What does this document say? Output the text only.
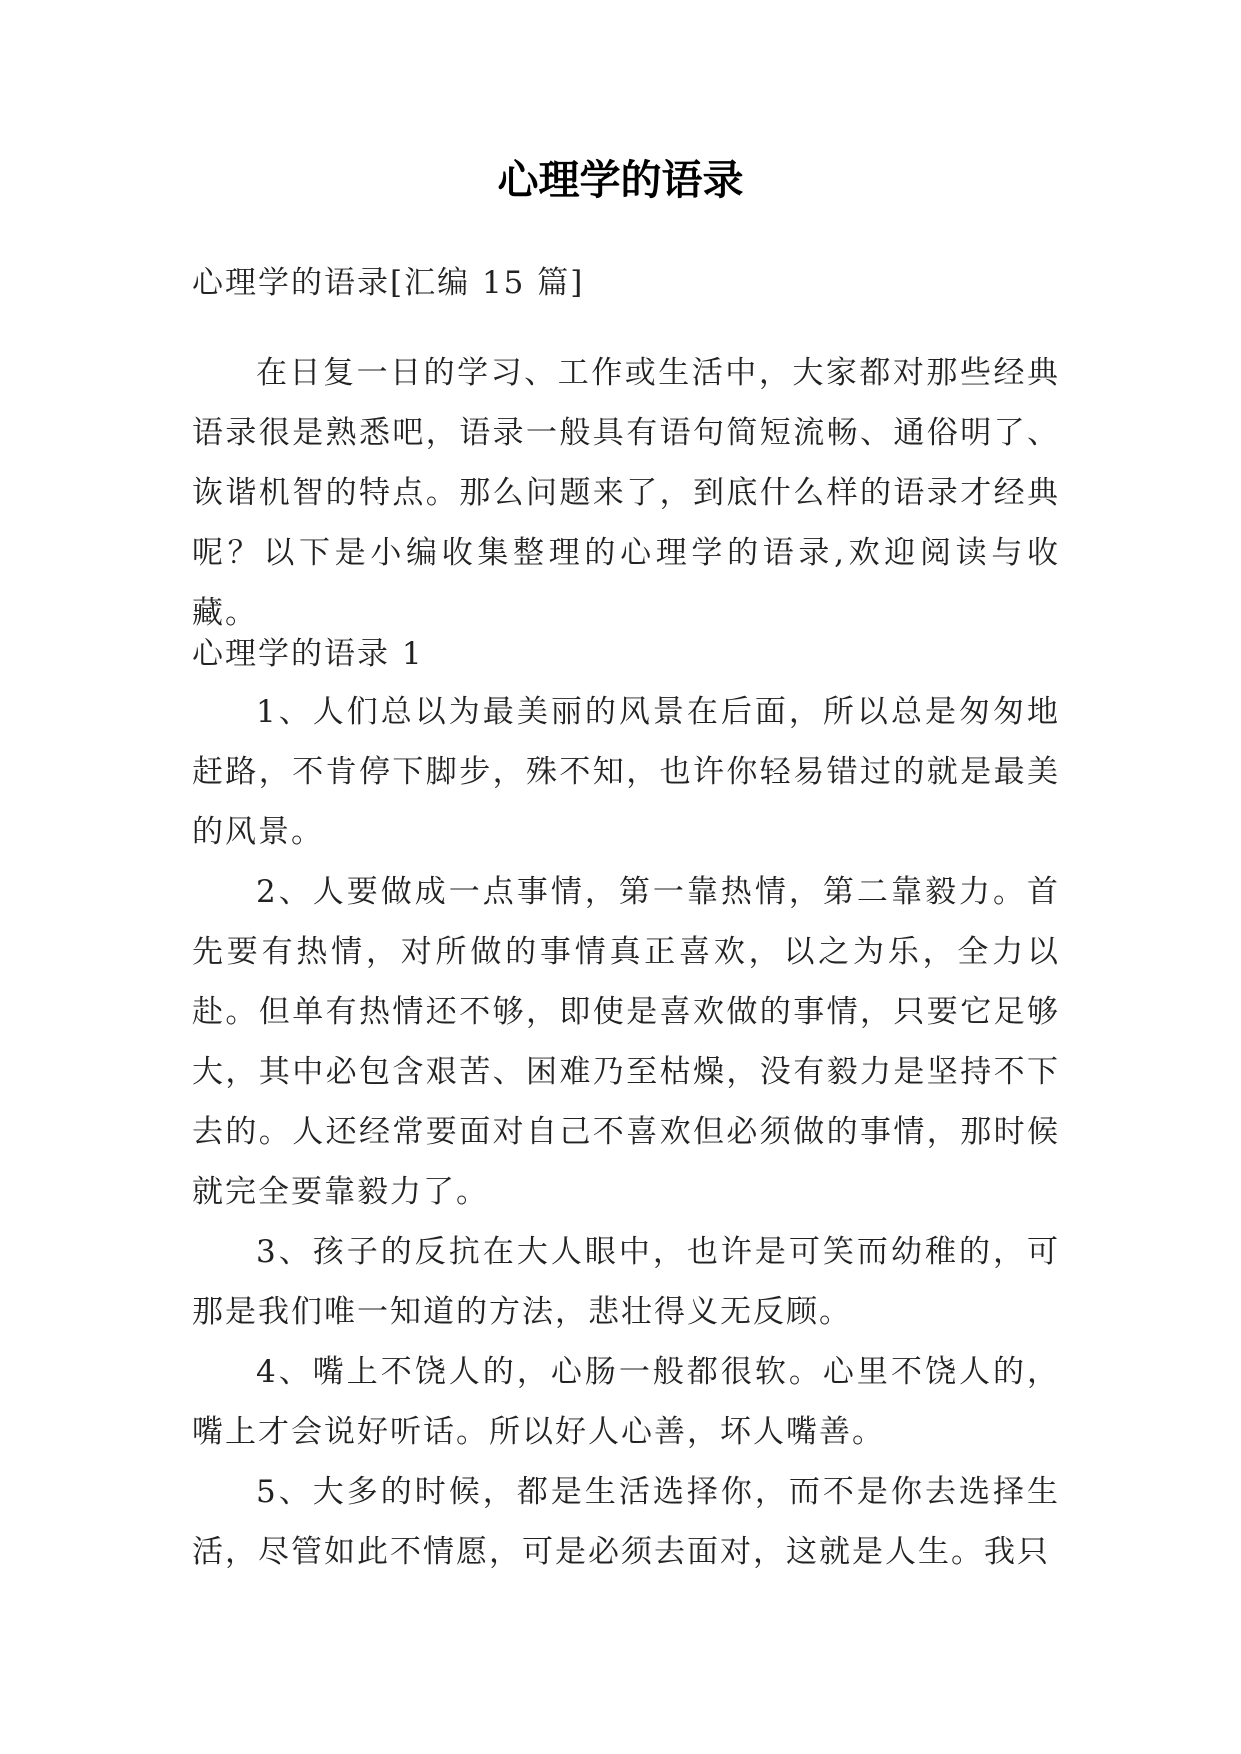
心理学的语录

心理学的语录[汇编 15 篇]

在日复一日的学习、工作或生活中，大家都对那些经典语录很是熟悉吧，语录一般具有语句简短流畅、通俗明了、诙谐机智的特点。那么问题来了，到底什么样的语录才经典呢？以下是小编收集整理的心理学的语录,欢迎阅读与收藏。

心理学的语录 1

1、人们总以为最美丽的风景在后面，所以总是匆匆地赶路，不肯停下脚步，殊不知，也许你轻易错过的就是最美的风景。

2、人要做成一点事情，第一靠热情，第二靠毅力。首先要有热情，对所做的事情真正喜欢，以之为乐，全力以赴。但单有热情还不够，即使是喜欢做的事情，只要它足够大，其中必包含艰苦、困难乃至枯燥，没有毅力是坚持不下去的。人还经常要面对自己不喜欢但必须做的事情，那时候就完全要靠毅力了。

3、孩子的反抗在大人眼中，也许是可笑而幼稚的，可那是我们唯一知道的方法，悲壮得义无反顾。

4、嘴上不饶人的，心肠一般都很软。心里不饶人的，嘴上才会说好听话。所以好人心善，坏人嘴善。

5、大多的时候，都是生活选择你，而不是你去选择生活，尽管如此不情愿，可是必须去面对，这就是人生。我只
